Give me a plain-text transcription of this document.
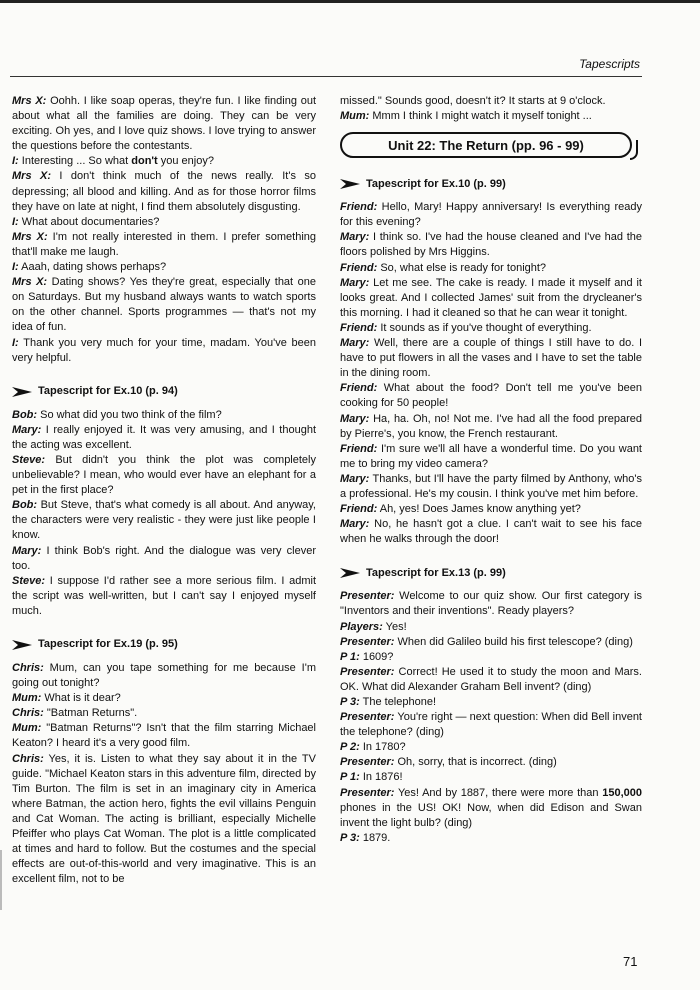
Tapescripts

Mrs X: Oohh. I like soap operas, they're fun. I like finding out about what all the families are doing. They can be very exciting. Oh yes, and I love quiz shows. I love trying to answer the questions before the contestants.

I: Interesting ... So what don't you enjoy?

Mrs X: I don't think much of the news really. It's so depressing; all blood and killing. And as for those horror films they have on late at night, I find them absolutely disgusting.

I: What about documentaries?

Mrs X: I'm not really interested in them. I prefer something that'll make me laugh.

I: Aaah, dating shows perhaps?

Mrs X: Dating shows? Yes they're great, especially that one on Saturdays. But my husband always wants to watch sports on the other channel. Sports programmes — that's not my idea of fun.

I: Thank you very much for your time, madam. You've been very helpful.

Tapescript for Ex.10 (p. 94)

Bob: So what did you two think of the film?

Mary: I really enjoyed it. It was very amusing, and I thought the acting was excellent.

Steve: But didn't you think the plot was completely unbelievable? I mean, who would ever have an elephant for a pet in the first place?

Bob: But Steve, that's what comedy is all about. And anyway, the characters were very realistic - they were just like people I know.

Mary: I think Bob's right. And the dialogue was very clever too.

Steve: I suppose I'd rather see a more serious film. I admit the script was well-written, but I can't say I enjoyed myself much.

Tapescript for Ex.19 (p. 95)

Chris: Mum, can you tape something for me because I'm going out tonight?

Mum: What is it dear?

Chris: "Batman Returns".

Mum: "Batman Returns"? Isn't that the film starring Michael Keaton? I heard it's a very good film.

Chris: Yes, it is. Listen to what they say about it in the TV guide. "Michael Keaton stars in this adventure film, directed by Tim Burton. The film is set in an imaginary city in America where Batman, the action hero, fights the evil villains Penguin and Cat Woman. The acting is brilliant, especially Michelle Pfeiffer who plays Cat Woman. The plot is a little complicated at times and hard to follow. But the costumes and the special effects are out-of-this-world and very imaginative. This is an excellent film, not to be

missed." Sounds good, doesn't it? It starts at 9 o'clock.

Mum: Mmm I think I might watch it myself tonight ...

Unit 22: The Return (pp. 96 - 99)
Tapescript for Ex.10 (p. 99)

Friend: Hello, Mary! Happy anniversary! Is everything ready for this evening?

Mary: I think so. I've had the house cleaned and I've had the floors polished by Mrs Higgins.

Friend: So, what else is ready for tonight?

Mary: Let me see. The cake is ready. I made it myself and it looks great. And I collected James' suit from the drycleaner's this morning. I had it cleaned so that he can wear it tonight.

Friend: It sounds as if you've thought of everything.

Mary: Well, there are a couple of things I still have to do. I have to put flowers in all the vases and I have to set the table in the dining room.

Friend: What about the food? Don't tell me you've been cooking for 50 people!

Mary: Ha, ha. Oh, no! Not me. I've had all the food prepared by Pierre's, you know, the French restaurant.

Friend: I'm sure we'll all have a wonderful time. Do you want me to bring my video camera?

Mary: Thanks, but I'll have the party filmed by Anthony, who's a professional. He's my cousin. I think you've met him before.

Friend: Ah, yes! Does James know anything yet?

Mary: No, he hasn't got a clue. I can't wait to see his face when he walks through the door!

Tapescript for Ex.13 (p. 99)

Presenter: Welcome to our quiz show. Our first category is "Inventors and their inventions". Ready players?

Players: Yes!

Presenter: When did Galileo build his first telescope? (ding)

P 1: 1609?

Presenter: Correct! He used it to study the moon and Mars. OK. What did Alexander Graham Bell invent? (ding)

P 3: The telephone!

Presenter: You're right — next question: When did Bell invent the telephone? (ding)

P 2: In 1780?

Presenter: Oh, sorry, that is incorrect. (ding)

P 1: In 1876!

Presenter: Yes! And by 1887, there were more than 150,000 phones in the US! OK! Now, when did Edison and Swan invent the light bulb? (ding)

P 3: 1879.

71
